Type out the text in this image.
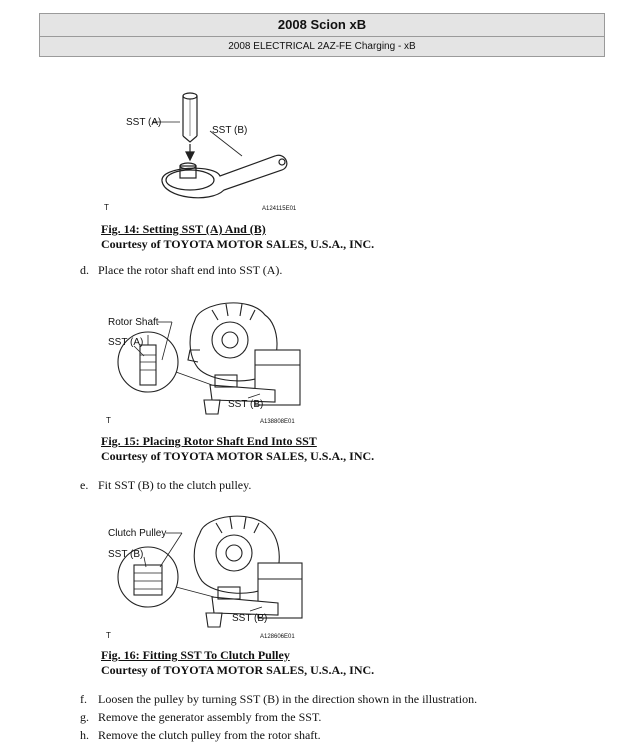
2008 Scion xB
2008 ELECTRICAL 2AZ-FE Charging - xB
SST (A)
SST (B)
T	A124115E01
Fig. 14: Setting SST (A) And (B)
Courtesy of TOYOTA MOTOR SALES, U.S.A., INC.
d. Place the rotor shaft end into SST (A).
Rotor Shaft
SST (A)
SST (B)
T	A138808E01
Fig. 15: Placing Rotor Shaft End Into SST
Courtesy of TOYOTA MOTOR SALES, U.S.A., INC.
e. Fit SST (B) to the clutch pulley.
Clutch Pulley
SST (B)
SST (B)
T	A128606E01
Fig. 16: Fitting SST To Clutch Pulley
Courtesy of TOYOTA MOTOR SALES, U.S.A., INC.
f. Loosen the pulley by turning SST (B) in the direction shown in the illustration.
g. Remove the generator assembly from the SST.
h. Remove the clutch pulley from the rotor shaft.
